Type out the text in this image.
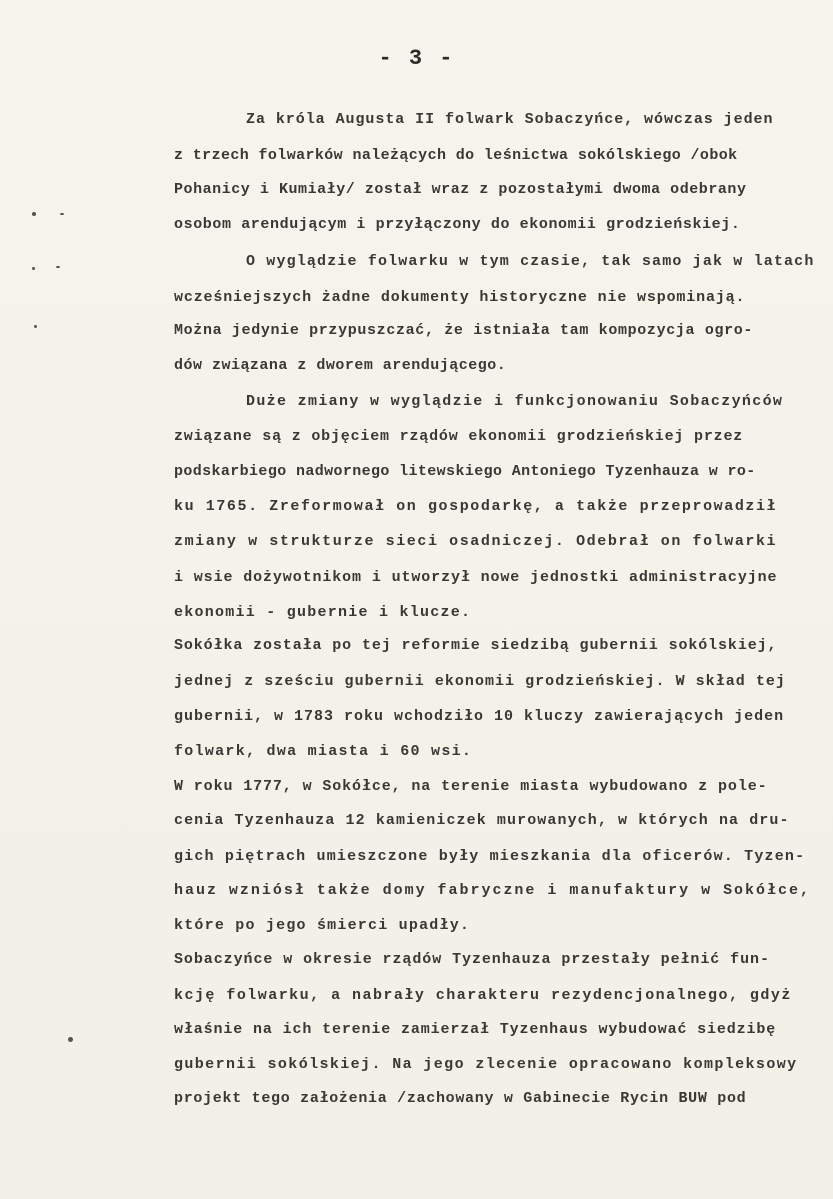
- 3 -
Za króla Augusta II folwark Sobaczyńce, wówczas jeden
z trzech folwarków należących do leśnictwa sokólskiego /obok
Pohanicy i Kumiały/ został wraz z pozostałymi dwoma odebrany
osobom arendującym i przyłączony do ekonomii grodzieńskiej.
O wyglądzie folwarku w tym czasie, tak samo jak w latach
wcześniejszych żadne dokumenty historyczne nie wspominają.
Można jedynie przypuszczać, że istniała tam kompozycja ogro-
dów związana z dworem arendującego.
Duże zmiany w wyglądzie i funkcjonowaniu Sobaczyńców
związane są z objęciem rządów ekonomii grodzieńskiej przez
podskarbiego nadwornego litewskiego Antoniego Tyzenhauza w ro-
ku 1765. Zreformował on gospodarkę, a także przeprowadził
zmiany w strukturze sieci osadniczej. Odebrał on folwarki
i wsie dożywotnikom i utworzył nowe jednostki administracyjne
ekonomii - gubernie i klucze.
Sokółka została po tej reformie siedzibą gubernii sokólskiej,
jednej z sześciu gubernii ekonomii grodzieńskiej. W skład tej
gubernii, w 1783 roku wchodziło 10 kluczy zawierających jeden
folwark, dwa miasta i 60 wsi.
W roku 1777, w Sokółce, na terenie miasta wybudowano z pole-
cenia Tyzenhauza 12 kamieniczek murowanych, w których na dru-
gich piętrach umieszczone były mieszkania dla oficerów. Tyzen-
hauz wzniósł także domy fabryczne i manufaktury w Sokółce,
które po jego śmierci upadły.
Sobaczyńce w okresie rządów Tyzenhauza przestały pełnić fun-
kcję folwarku, a nabrały charakteru rezydencjonalnego, gdyż
właśnie na ich terenie zamierzał Tyzenhaus wybudować siedzibę
gubernii sokólskiej. Na jego zlecenie opracowano kompleksowy
projekt tego założenia /zachowany w Gabinecie Rycin BUW pod
